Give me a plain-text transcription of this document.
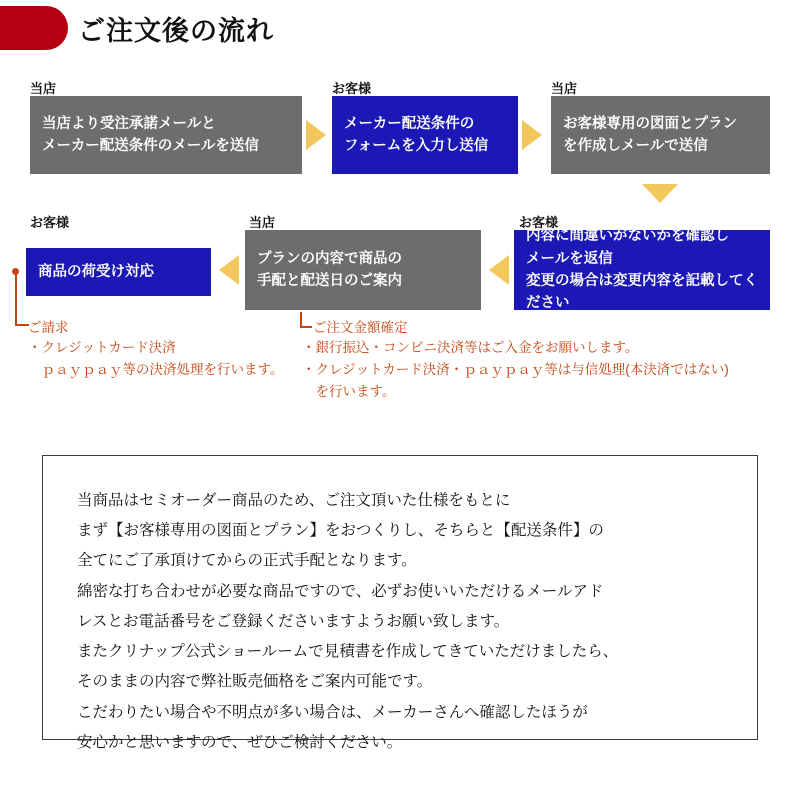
ご注文後の流れ
当店
当店より受注承諾メールと
メーカー配送条件のメールを送信
お客様
メーカー配送条件の
フォームを入力し送信
当店
お客様専用の図面とプラン
を作成しメールで送信
お客様
内容に間違いがないかを確認し
メールを返信
変更の場合は変更内容を記載してください
当店
プランの内容で商品の
手配と配送日のご案内
お客様
商品の荷受け対応
ご請求
・クレジットカード決済
　ｐａｙｐａｙ等の決済処理を行います。
ご注文金額確定
・銀行振込・コンビニ決済等はご入金をお願いします。
・クレジットカード決済・ｐａｙｐａｙ等は与信処理(本決済ではない)
　を行います。

当商品はセミオーダー商品のため、ご注文頂いた仕様をもとに

まず【お客様専用の図面とプラン】をおつくりし、そちらと【配送条件】の

全てにご了承頂けてからの正式手配となります。

綿密な打ち合わせが必要な商品ですので、必ずお使いいただけるメールアド

レスとお電話番号をご登録くださいますようお願い致します。

またクリナップ公式ショールームで見積書を作成してきていただけましたら、

そのままの内容で弊社販売価格をご案内可能です。

こだわりたい場合や不明点が多い場合は、メーカーさんへ確認したほうが

安心かと思いますので、ぜひご検討ください。
